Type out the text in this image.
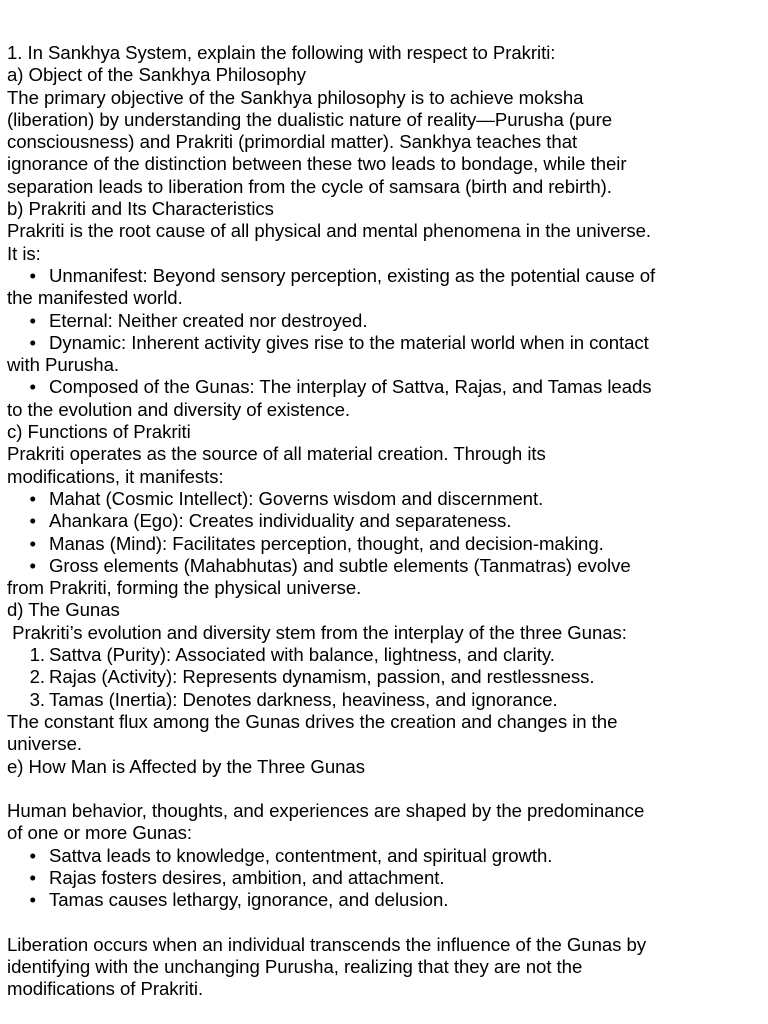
1. In Sankhya System, explain the following with respect to Prakriti:
a) Object of the Sankhya Philosophy
The primary objective of the Sankhya philosophy is to achieve moksha
(liberation) by understanding the dualistic nature of reality—Purusha (pure
consciousness) and Prakriti (primordial matter). Sankhya teaches that
ignorance of the distinction between these two leads to bondage, while their
separation leads to liberation from the cycle of samsara (birth and rebirth).
b) Prakriti and Its Characteristics
Prakriti is the root cause of all physical and mental phenomena in the universe.
It is:
• Unmanifest: Beyond sensory perception, existing as the potential cause of
the manifested world.
• Eternal: Neither created nor destroyed.
• Dynamic: Inherent activity gives rise to the material world when in contact
with Purusha.
• Composed of the Gunas: The interplay of Sattva, Rajas, and Tamas leads
to the evolution and diversity of existence.
c) Functions of Prakriti
Prakriti operates as the source of all material creation. Through its
modifications, it manifests:
• Mahat (Cosmic Intellect): Governs wisdom and discernment.
• Ahankara (Ego): Creates individuality and separateness.
• Manas (Mind): Facilitates perception, thought, and decision-making.
• Gross elements (Mahabhutas) and subtle elements (Tanmatras) evolve
from Prakriti, forming the physical universe.
d) The Gunas
Prakriti’s evolution and diversity stem from the interplay of the three Gunas:
1. Sattva (Purity): Associated with balance, lightness, and clarity.
2. Rajas (Activity): Represents dynamism, passion, and restlessness.
3. Tamas (Inertia): Denotes darkness, heaviness, and ignorance.
The constant flux among the Gunas drives the creation and changes in the
universe.
e) How Man is Affected by the Three Gunas
Human behavior, thoughts, and experiences are shaped by the predominance
of one or more Gunas:
• Sattva leads to knowledge, contentment, and spiritual growth.
• Rajas fosters desires, ambition, and attachment.
• Tamas causes lethargy, ignorance, and delusion.
Liberation occurs when an individual transcends the influence of the Gunas by
identifying with the unchanging Purusha, realizing that they are not the
modifications of Prakriti.
